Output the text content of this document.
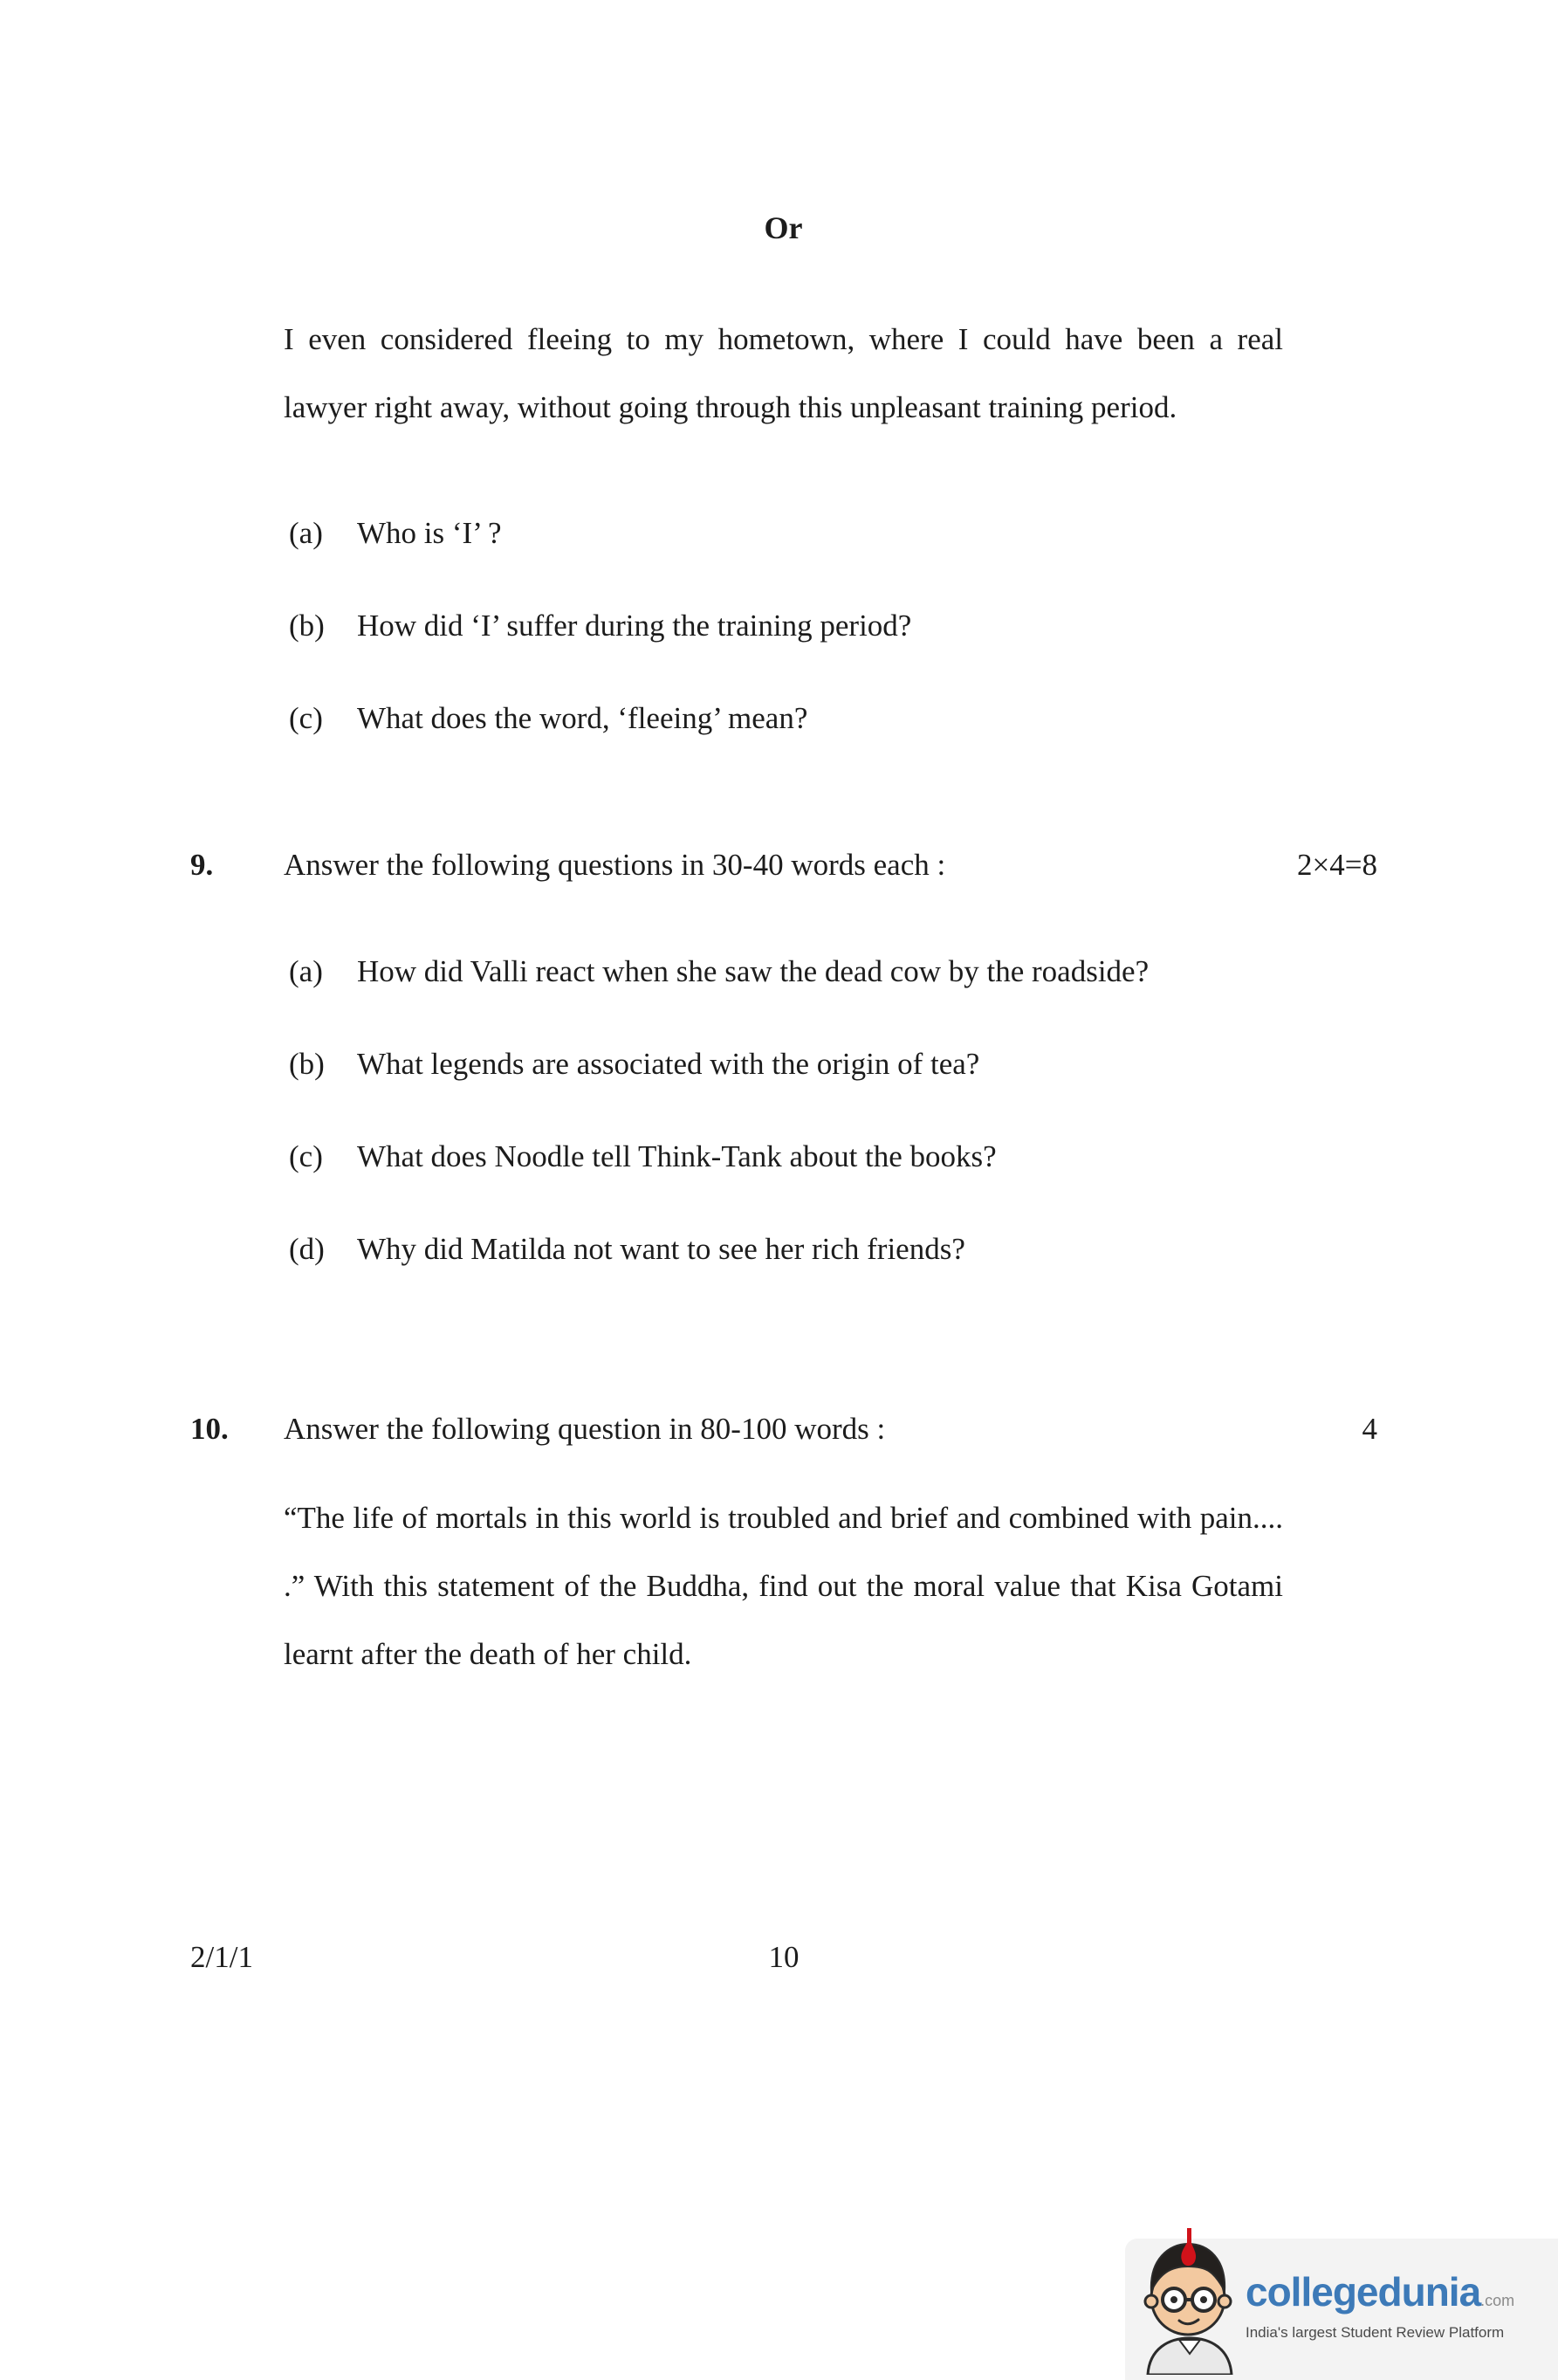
Or
I even considered fleeing to my hometown, where I could have been a real lawyer right away, without going through this unpleasant training period.
(a)	Who is ‘I’ ?
(b)	How did ‘I’ suffer during the training period?
(c)	What does the word, ‘fleeing’ mean?
9.	Answer the following questions in 30-40 words each :	2×4=8
(a)	How did Valli react when she saw the dead cow by the roadside?
(b)	What legends are associated with the origin of tea?
(c)	What does Noodle tell Think-Tank about the books?
(d)	Why did Matilda not want to see her rich friends?
10.	Answer the following question in 80-100 words :	4
“The life of mortals in this world is troubled and brief and combined with pain.... .” With this statement of the Buddha, find out the moral value that Kisa Gotami learnt after the death of her child.
2/1/1	10
collegedunia.com
India's largest Student Review Platform
